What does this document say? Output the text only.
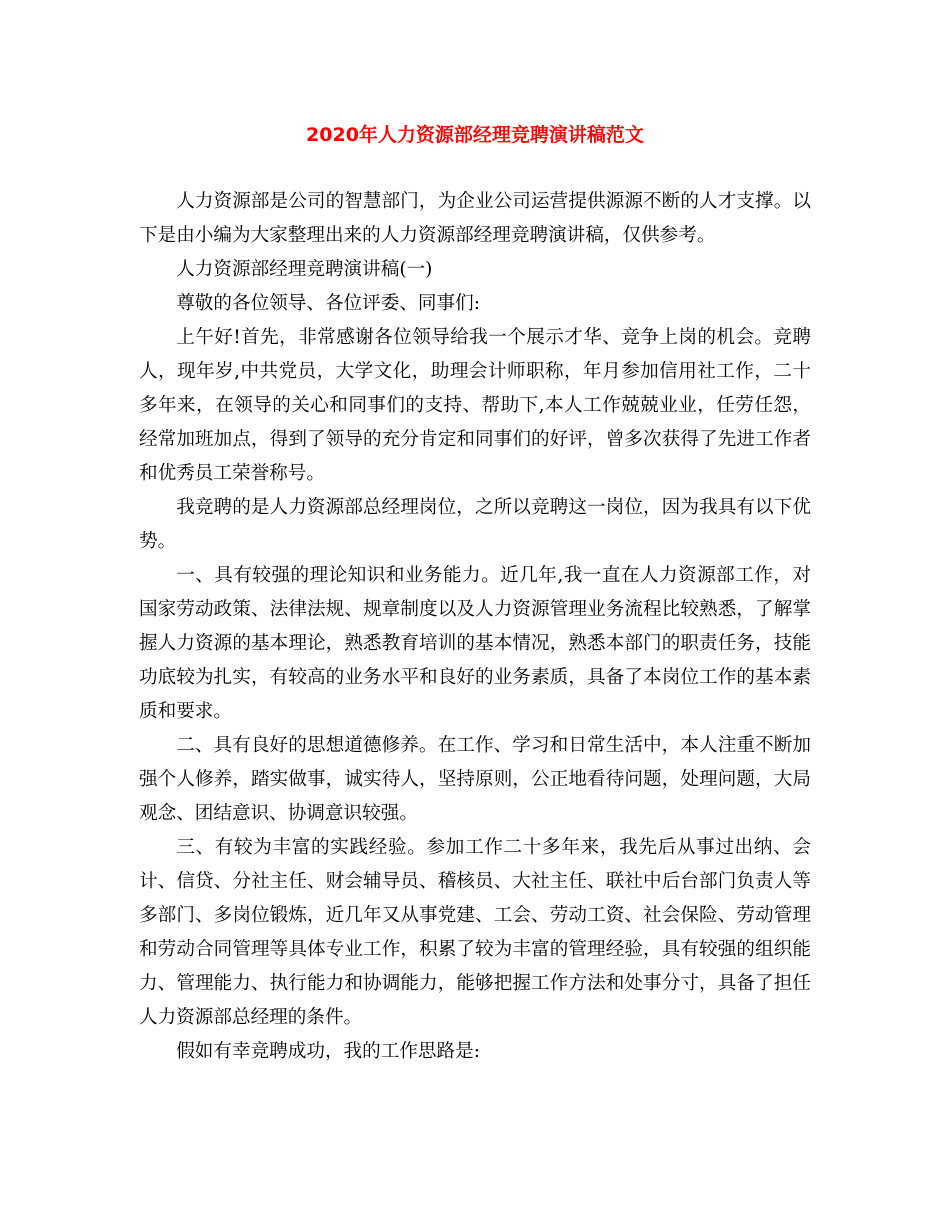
2020年人力资源部经理竞聘演讲稿范文

人力资源部是公司的智慧部门，为企业公司运营提供源源不断的人才支撑。以下是由小编为大家整理出来的人力资源部经理竞聘演讲稿，仅供参考。

人力资源部经理竞聘演讲稿(一)

尊敬的各位领导、各位评委、同事们:

上午好!首先，非常感谢各位领导给我一个展示才华、竞争上岗的机会。竞聘人，现年岁,中共党员，大学文化，助理会计师职称，年月参加信用社工作，二十多年来，在领导的关心和同事们的支持、帮助下,本人工作兢兢业业，任劳任怨，经常加班加点，得到了领导的充分肯定和同事们的好评，曾多次获得了先进工作者和优秀员工荣誉称号。

我竞聘的是人力资源部总经理岗位，之所以竞聘这一岗位，因为我具有以下优势。

一、具有较强的理论知识和业务能力。近几年,我一直在人力资源部工作，对国家劳动政策、法律法规、规章制度以及人力资源管理业务流程比较熟悉，了解掌握人力资源的基本理论，熟悉教育培训的基本情况，熟悉本部门的职责任务，技能功底较为扎实，有较高的业务水平和良好的业务素质，具备了本岗位工作的基本素质和要求。

二、具有良好的思想道德修养。在工作、学习和日常生活中，本人注重不断加强个人修养，踏实做事，诚实待人，坚持原则，公正地看待问题，处理问题，大局观念、团结意识、协调意识较强。

三、有较为丰富的实践经验。参加工作二十多年来，我先后从事过出纳、会计、信贷、分社主任、财会辅导员、稽核员、大社主任、联社中后台部门负责人等多部门、多岗位锻炼，近几年又从事党建、工会、劳动工资、社会保险、劳动管理和劳动合同管理等具体专业工作，积累了较为丰富的管理经验，具有较强的组织能力、管理能力、执行能力和协调能力，能够把握工作方法和处事分寸，具备了担任人力资源部总经理的条件。

假如有幸竞聘成功，我的工作思路是:
